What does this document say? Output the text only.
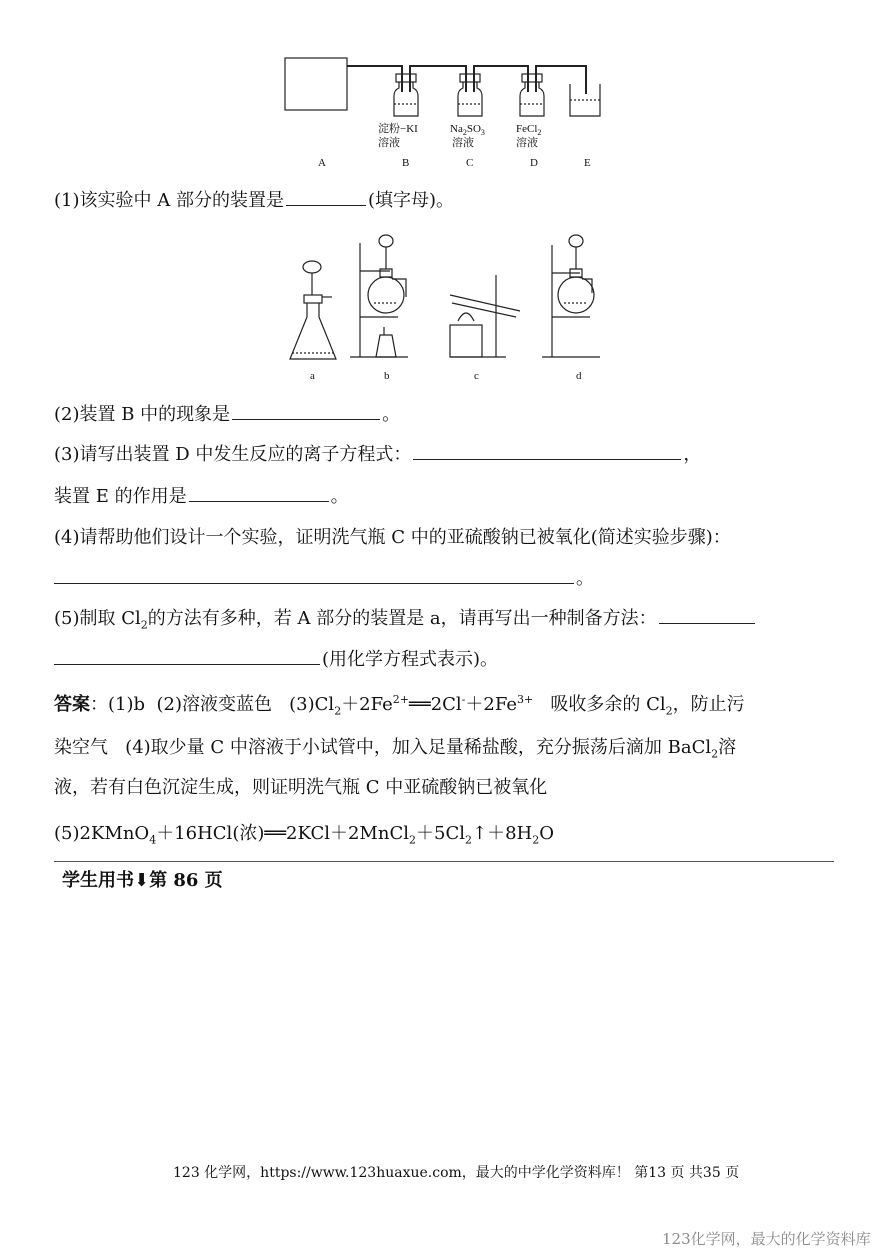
淀粉−KI
溶液
$Na_2SO_3$
溶液
FeCl$_2$
溶液
A	B	C	D	E
(1)该实验中 A 部分的装置是	(填字母)。
a	b	c	d
(2)装置 B 中的现象是	。
(3)请写出装置 D 中发生反应的离子方程式：	，
装置 E 的作用是	。
(4)请帮助他们设计一个实验，证明洗气瓶 C 中的亚硫酸钠已被氧化(简述实验步骤)：
。
(5)制取 $Cl_2$的方法有多种，若 A 部分的装置是 a，请再写出一种制备方法：
(用化学方程式表示)。
答案：(1)b (2)溶液变蓝色 $(3)Cl_2+2Fe^{2+}══2Cl^-+2Fe^{3+}$ 吸收多余的 $Cl_2$，防止污
染空气 (4)取少量 C 中溶液于小试管中，加入足量稀盐酸，充分振荡后滴加 BaCl$_2$溶
液，若有白色沉淀生成，则证明洗气瓶 C 中亚硫酸钠已被氧化
(5)2KMnO$_4$＋16HCl(浓)$══2KCl+2MnCl_2+5Cl_2↑+8H_2O$
学生用书⬇第 86 页
123 化学网，https://www.123huaxue.com，最大的中学化学资料库！ 第13 页 共35 页
123化学网，最大的化学资料库
